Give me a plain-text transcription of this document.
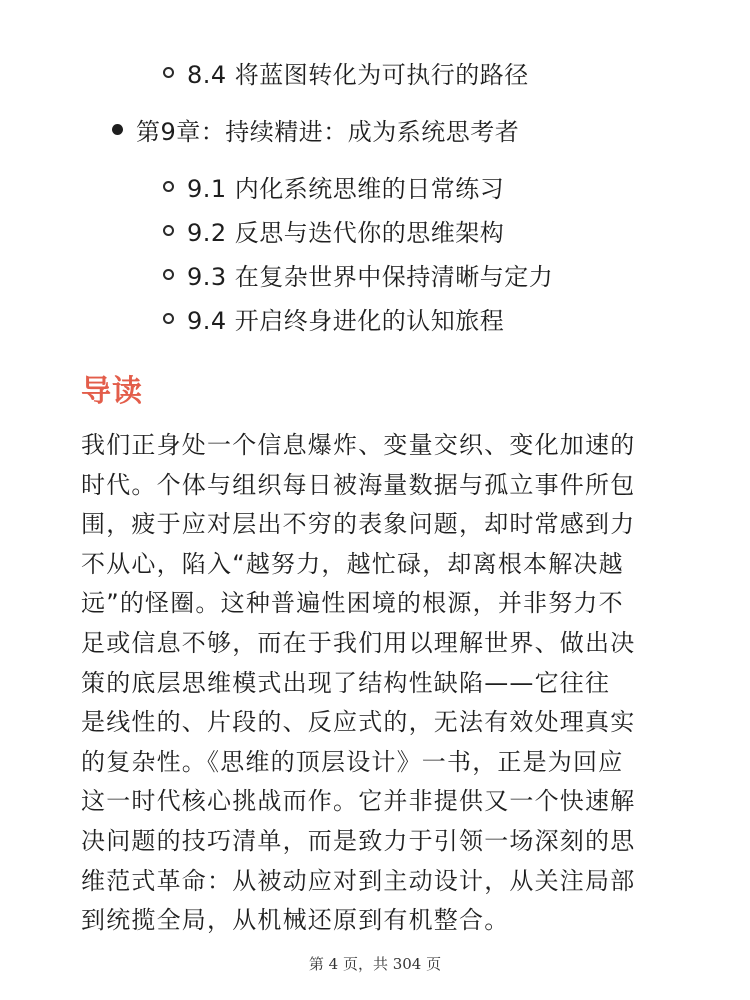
8.4 将蓝图转化为可执行的路径
第9章：持续精进：成为系统思考者
9.1 内化系统思维的日常练习
9.2 反思与迭代你的思维架构
9.3 在复杂世界中保持清晰与定力
9.4 开启终身进化的认知旅程
导读
我们正身处一个信息爆炸、变量交织、变化加速的
时代。个体与组织每日被海量数据与孤立事件所包
围，疲于应对层出不穷的表象问题，却时常感到力
不从心，陷入“越努力，越忙碌，却离根本解决越
远”的怪圈。这种普遍性困境的根源，并非努力不
足或信息不够，而在于我们用以理解世界、做出决
策的底层思维模式出现了结构性缺陷——它往往
是线性的、片段的、反应式的，无法有效处理真实
的复杂性。《思维的顶层设计》一书，正是为回应
这一时代核心挑战而作。它并非提供又一个快速解
决问题的技巧清单，而是致力于引领一场深刻的思
维范式革命：从被动应对到主动设计，从关注局部
到统揽全局，从机械还原到有机整合。
第 4 页，共 304 页
